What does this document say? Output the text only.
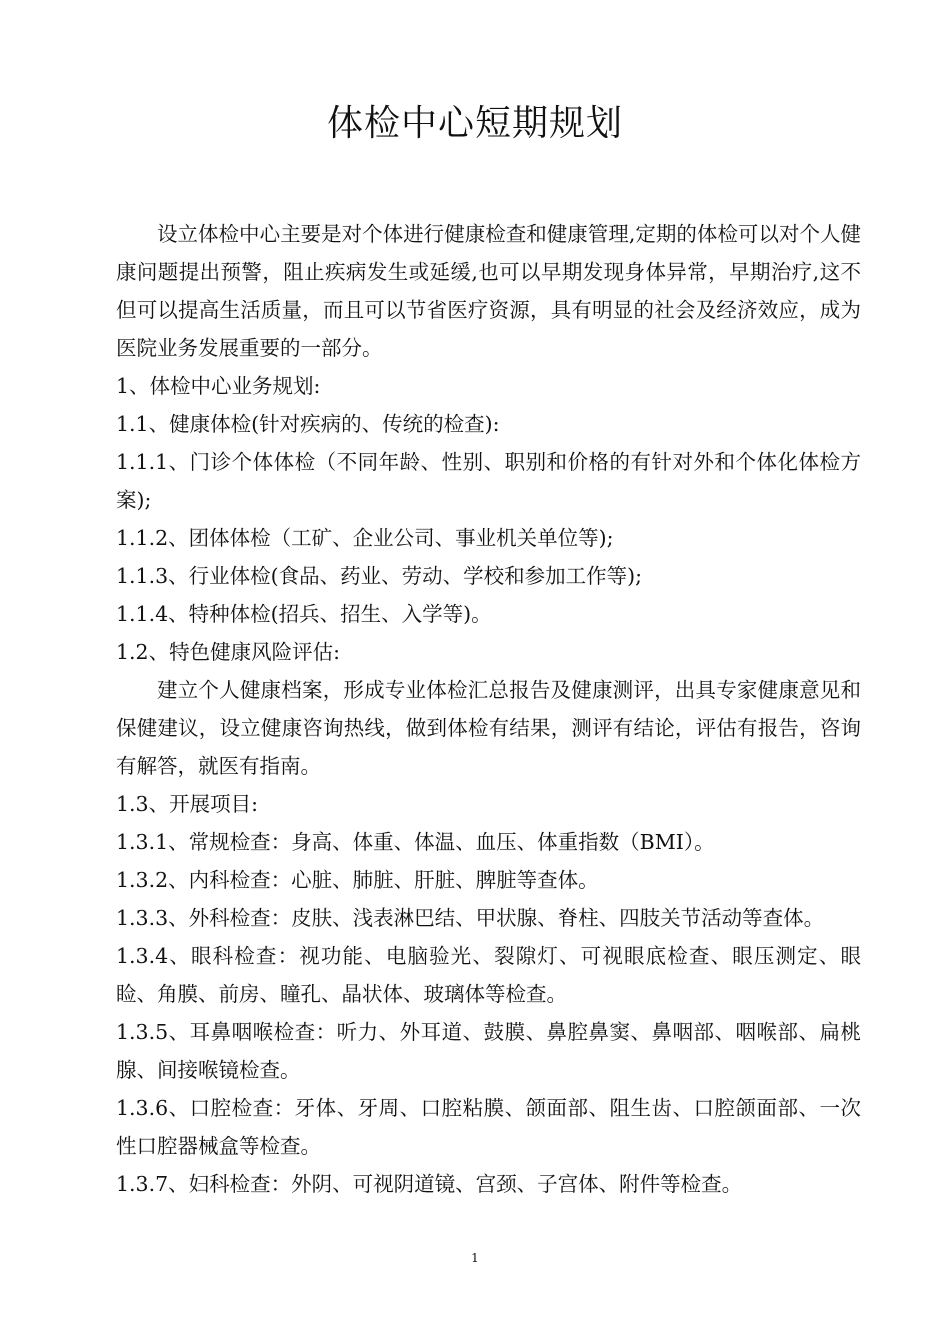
体检中心短期规划

设立体检中心主要是对个体进行健康检查和健康管理,定期的体检可以对个人健康问题提出预警，阻止疾病发生或延缓,也可以早期发现身体异常，早期治疗,这不但可以提高生活质量，而且可以节省医疗资源，具有明显的社会及经济效应，成为医院业务发展重要的一部分。

1、体检中心业务规划:

1.1、健康体检(针对疾病的、传统的检查):

1.1.1、门诊个体体检（不同年龄、性别、职别和价格的有针对外和个体化体检方案);

1.1.2、团体体检（工矿、企业公司、事业机关单位等);

1.1.3、行业体检(食品、药业、劳动、学校和参加工作等);

1.1.4、特种体检(招兵、招生、入学等)。

1.2、特色健康风险评估:

建立个人健康档案，形成专业体检汇总报告及健康测评，出具专家健康意见和保健建议，设立健康咨询热线，做到体检有结果，测评有结论，评估有报告，咨询有解答，就医有指南。

1.3、开展项目:

1.3.1、常规检查：身高、体重、体温、血压、体重指数（BMI）。

1.3.2、内科检查：心脏、肺脏、肝脏、脾脏等查体。

1.3.3、外科检查：皮肤、浅表淋巴结、甲状腺、脊柱、四肢关节活动等查体。

1.3.4、眼科检查：视功能、电脑验光、裂隙灯、可视眼底检查、眼压测定、眼睑、角膜、前房、瞳孔、晶状体、玻璃体等检查。

1.3.5、耳鼻咽喉检查：听力、外耳道、鼓膜、鼻腔鼻窦、鼻咽部、咽喉部、扁桃腺、间接喉镜检查。

1.3.6、口腔检查：牙体、牙周、口腔粘膜、颌面部、阻生齿、口腔颌面部、一次性口腔器械盒等检查。

1.3.7、妇科检查：外阴、可视阴道镜、宫颈、子宫体、附件等检查。

1
